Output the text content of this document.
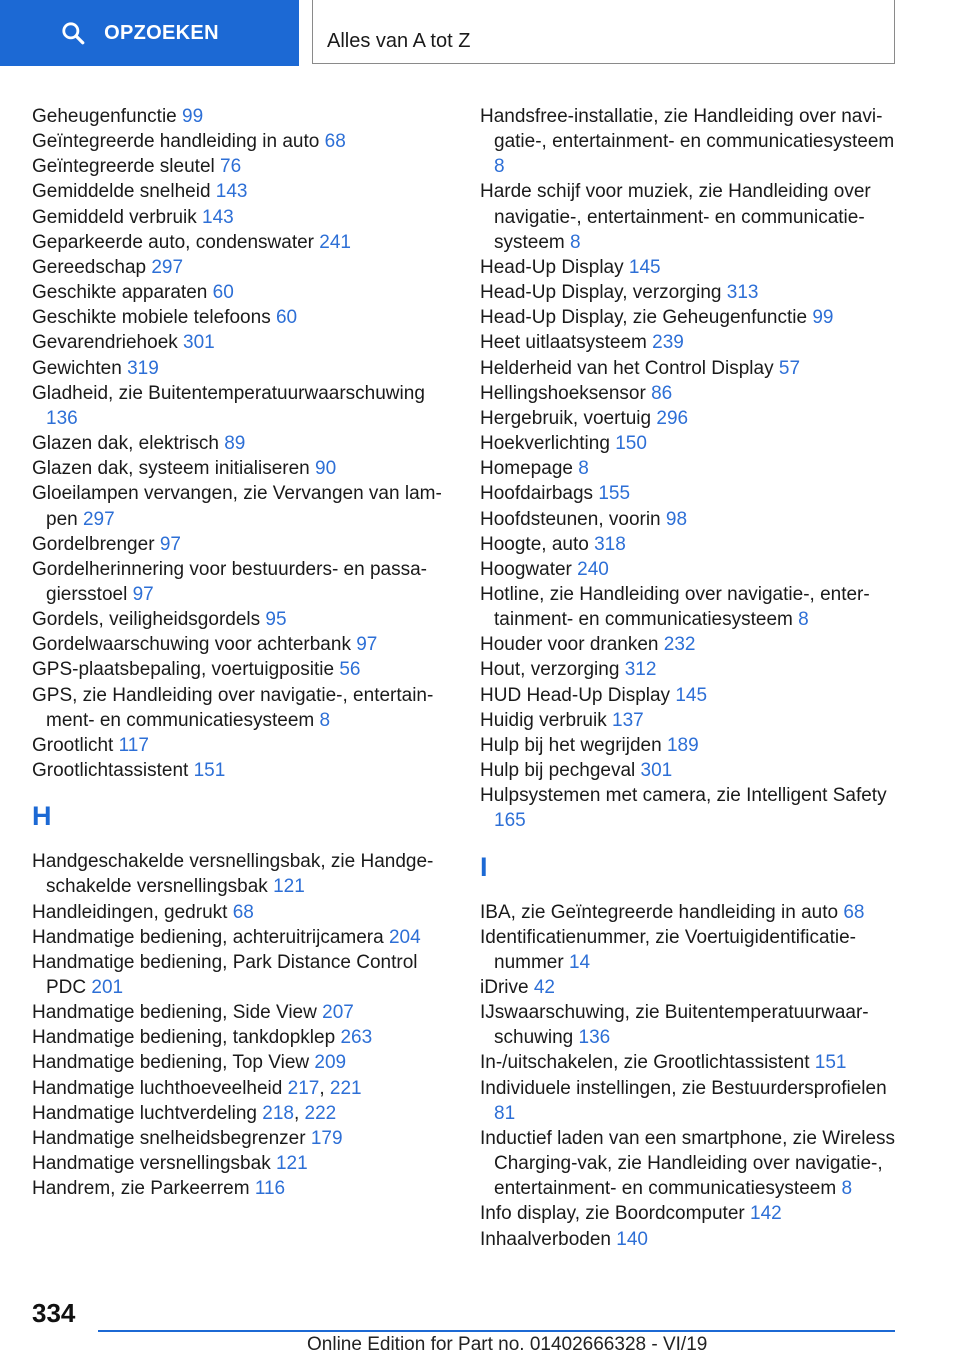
OPZOEKEN	Alles van A tot Z
Geheugenfunctie 99
Geïntegreerde handleiding in auto 68
Geïntegreerde sleutel 76
Gemiddelde snelheid 143
Gemiddeld verbruik 143
Geparkeerde auto, condenswater 241
Gereedschap 297
Geschikte apparaten 60
Geschikte mobiele telefoons 60
Gevarendriehoek 301
Gewichten 319
Gladheid, zie Buitentemperatuurwaarschuwing 136
Glazen dak, elektrisch 89
Glazen dak, systeem initialiseren 90
Gloeilampen vervangen, zie Vervangen van lampen 297
Gordelbrenger 97
Gordelherinnering voor bestuurders- en passagiersstoel 97
Gordels, veiligheidsgordels 95
Gordelwaarschuwing voor achterbank 97
GPS-plaatsbepaling, voertuigpositie 56
GPS, zie Handleiding over navigatie-, entertainment- en communicatiesysteem 8
Grootlicht 117
Grootlichtassistent 151
H
Handgeschakelde versnellingsbak, zie Handgeschakelde versnellingsbak 121
Handleidingen, gedrukt 68
Handmatige bediening, achteruitrijcamera 204
Handmatige bediening, Park Distance Control PDC 201
Handmatige bediening, Side View 207
Handmatige bediening, tankdopklep 263
Handmatige bediening, Top View 209
Handmatige luchthoeveelheid 217, 221
Handmatige luchtverdeling 218, 222
Handmatige snelheidsbegrenzer 179
Handmatige versnellingsbak 121
Handrem, zie Parkeerrem 116
Handsfree-installatie, zie Handleiding over navigatie-, entertainment- en communicatiesysteem 8
Harde schijf voor muziek, zie Handleiding over navigatie-, entertainment- en communicatiesysteem 8
Head-Up Display 145
Head-Up Display, verzorging 313
Head-Up Display, zie Geheugenfunctie 99
Heet uitlaatsysteem 239
Helderheid van het Control Display 57
Hellingshoeksensor 86
Hergebruik, voertuig 296
Hoekverlichting 150
Homepage 8
Hoofdairbags 155
Hoofdsteunen, voorin 98
Hoogte, auto 318
Hoogwater 240
Hotline, zie Handleiding over navigatie-, entertainment- en communicatiesysteem 8
Houder voor dranken 232
Hout, verzorging 312
HUD Head-Up Display 145
Huidig verbruik 137
Hulp bij het wegrijden 189
Hulp bij pechgeval 301
Hulpsystemen met camera, zie Intelligent Safety 165
I
IBA, zie Geïntegreerde handleiding in auto 68
Identificatienummer, zie Voertuigidentificatienummer 14
iDrive 42
IJswaarschuwing, zie Buitentemperatuurwaarschuwing 136
In-/uitschakelen, zie Grootlichtassistent 151
Individuele instellingen, zie Bestuurdersprofielen 81
Inductief laden van een smartphone, zie Wireless Charging-vak, zie Handleiding over navigatie-, entertainment- en communicatiesysteem 8
Info display, zie Boordcomputer 142
Inhaalverboden 140
334
Online Edition for Part no. 01402666328 - VI/19
